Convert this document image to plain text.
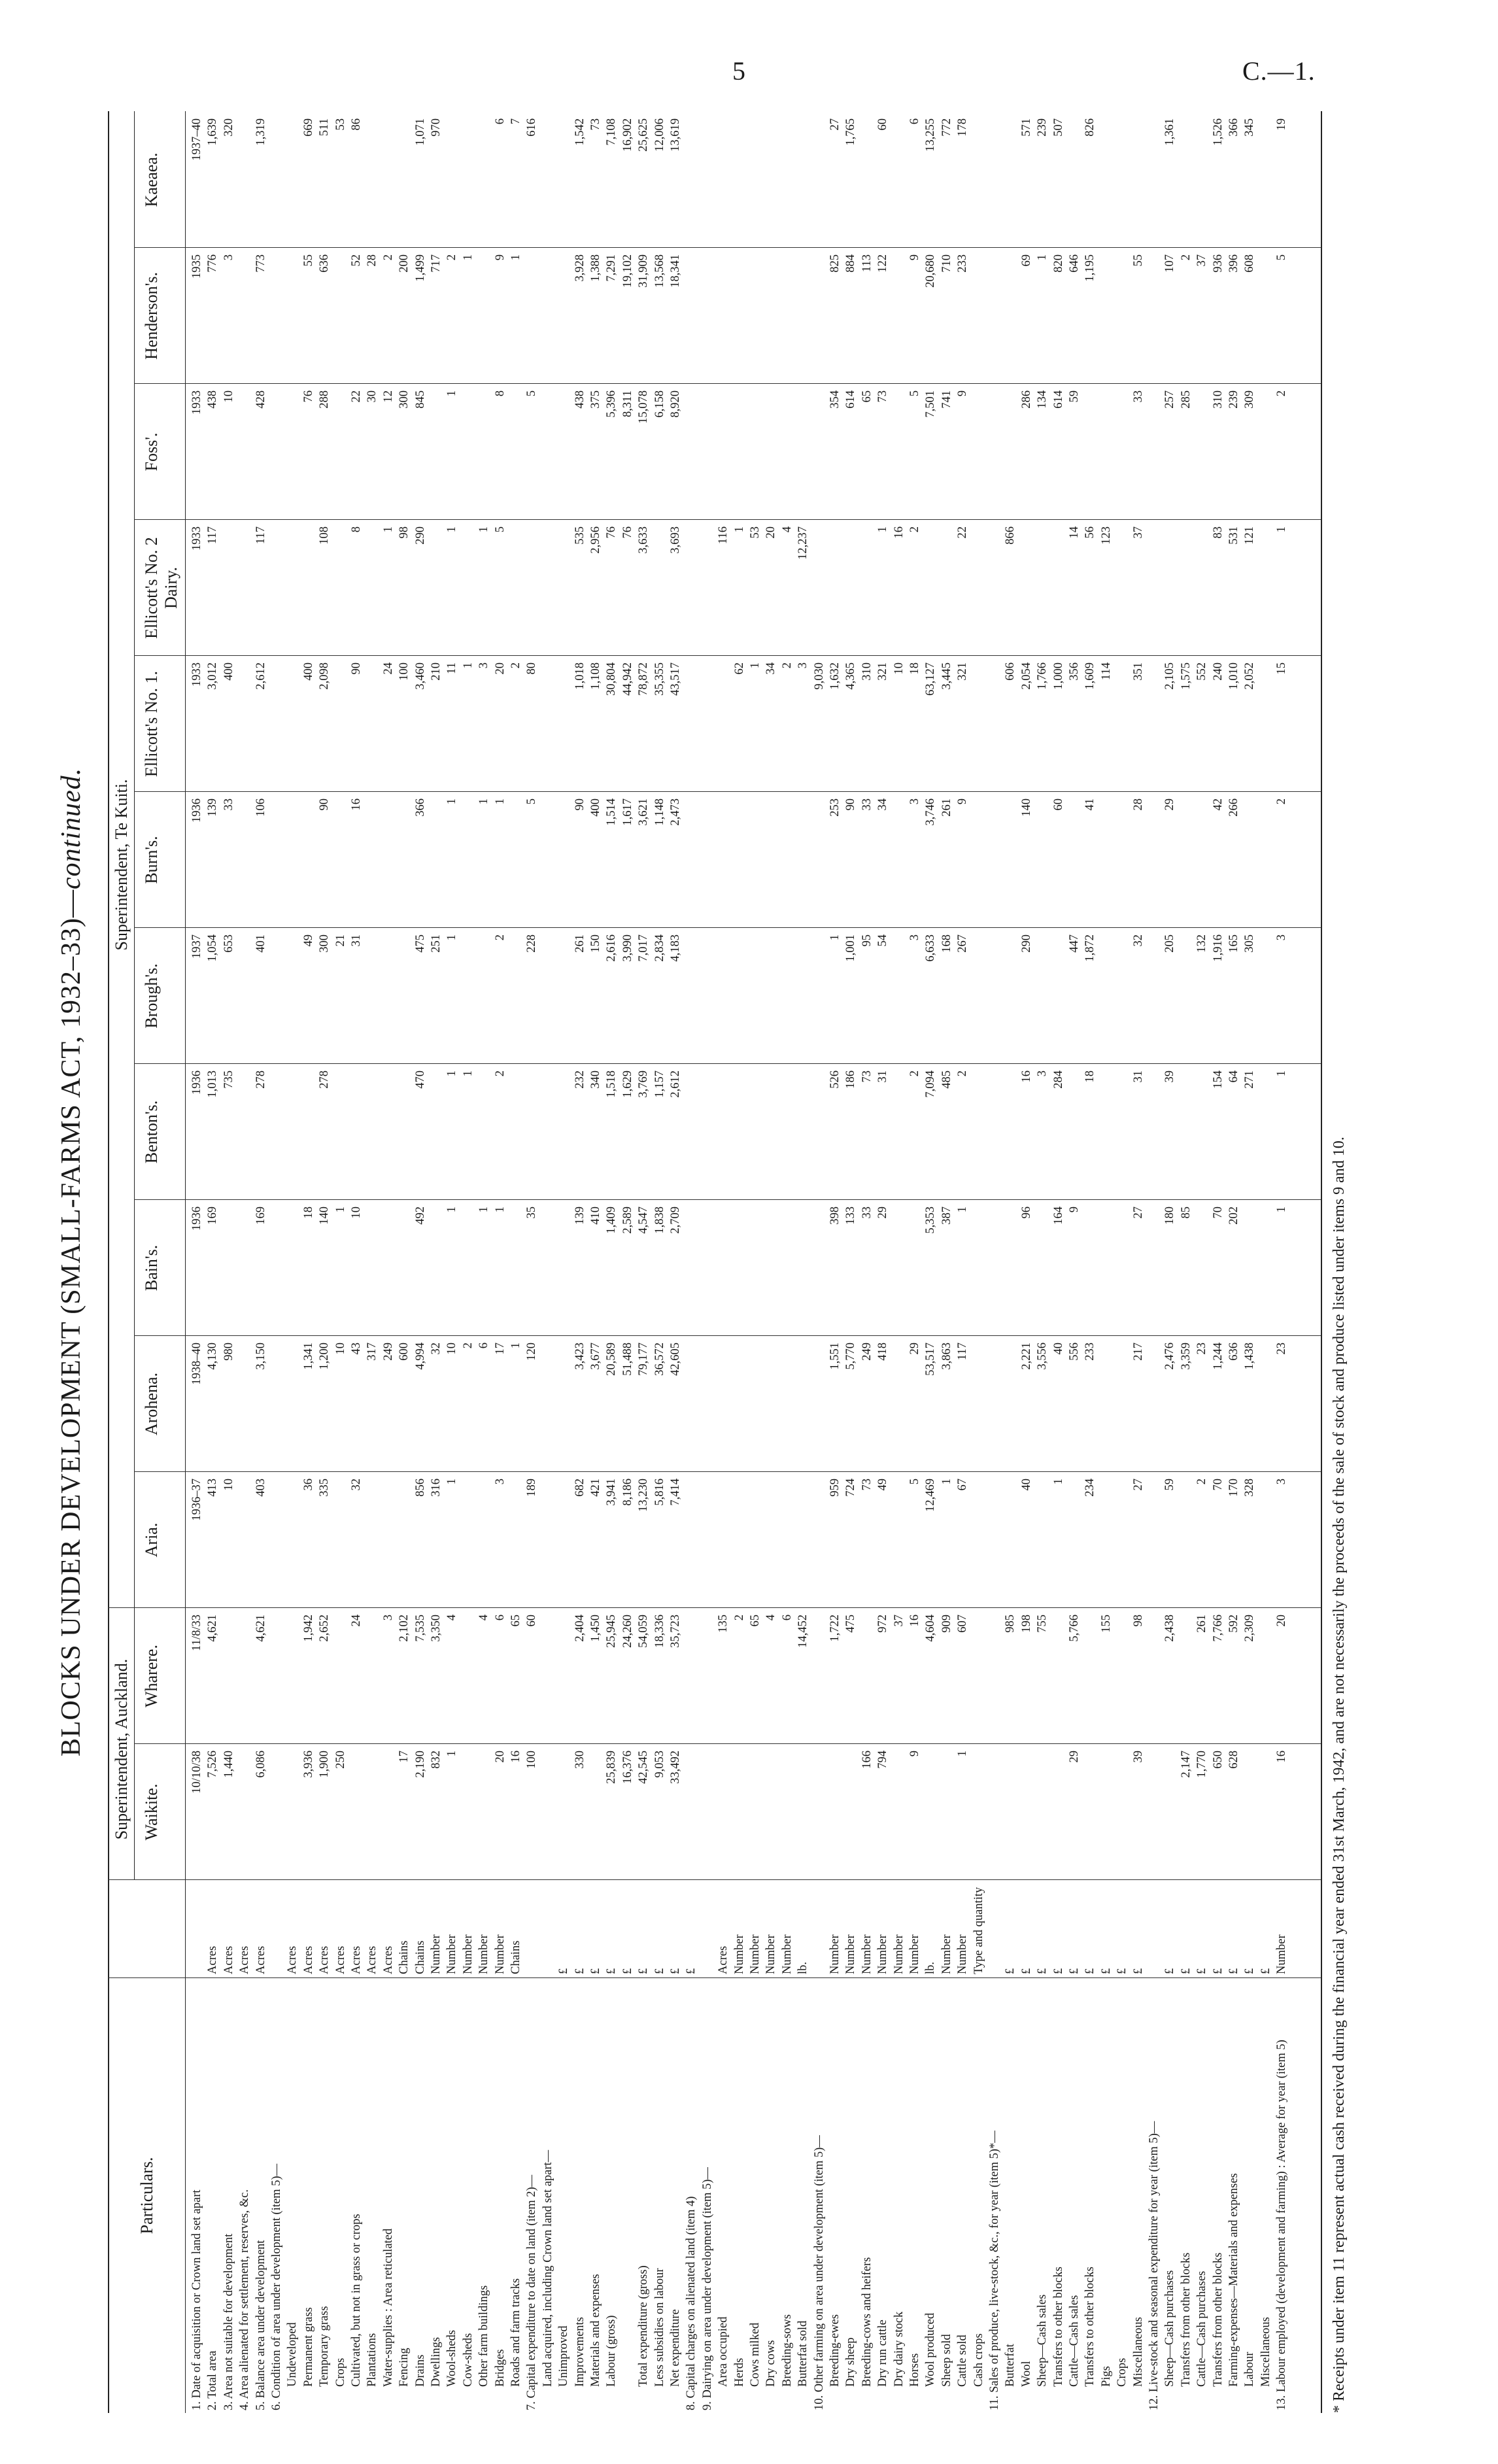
5	C.—1.
BLOCKS UNDER DEVELOPMENT (SMALL-FARMS ACT, 1932–33)—continued.
Particulars.
Superintendent, Auckland.
Superintendent, Te Kuiti.
Waikite.
Wharere.
Aria.
Arohena.
Bain's.
Benton's.
Brough's.
Burn's.
Ellicott's No. 1.
Ellicott's No. 2 Dairy.
Foss'.
Henderson's.
Kaeaea.
1. Date of acquisition or Crown land set apart
10/10/38
11/8/33
1936–37
1938–40
1936
1936
1937
1936
1933
1933
1933
1935
1937–40
2. Total area
Acres
7,526
4,621
413
4,130
169
1,013
1,054
139
3,012
117
438
776
1,639
3. Area not suitable for development
Acres
1,440
10
980
735
653
33
400
10
3
320
4. Area alienated for settlement, reserves, &c.
Acres
5. Balance area under development
Acres
6,086
4,621
403
3,150
169
278
401
106
2,612
117
428
773
1,319
6. Condition of area under development (item 5)— Undeveloped
Acres
Permanent grass
Acres
3,936
1,942
36
1,341
18
49
400
76
55
669
Temporary grass
Acres
1,900
2,652
335
1,200
140
278
300
90
2,098
108
288
636
511
Crops
Acres
250
10
1
21
53
Cultivated, but not in grass or crops
Acres
24
32
43
10
31
16
90
8
22
52
86
Plantations
Acres
317
30
28
Water-supplies : Area reticulated
Acres
3
249
24
1
12
2
Fencing
Chains
17
2,102
600
100
98
300
200
Drains
Chains
2,190
7,535
856
4,994
492
470
475
366
3,460
290
845
1,499
1,071
Dwellings
Number
832
3,350
316
32
251
210
717
970
Wool-sheds
Number
1
4
1
10
1
1
1
1
11
1
1
2
Cow-sheds
Number
2
1
1
1
Other farm buildings
Number
4
6
1
1
3
1
Bridges
Number
20
6
3
17
1
2
2
1
20
5
8
9
6
Roads and farm tracks
Chains
16
65
1
2
1
7
7. Capital expenditure to date on land (item 2)—
100
60
189
120
35
228
5
80
5
616
Land acquired, including Crown land set apart— Unimproved
£
Improvements
£
330
2,404
682
3,423
139
232
261
90
1,018
535
438
3,928
1,542
Materials and expenses
£
1,450
421
3,677
410
340
150
400
1,108
2,956
375
1,388
73
Labour (gross)
£
25,839
25,945
3,941
20,589
1,409
1,518
2,616
1,514
30,804
76
5,396
7,291
7,108
£
16,376
24,260
8,186
51,488
2,589
1,629
3,990
1,617
44,942
76
8,311
19,102
16,902
Total expenditure (gross)
£
42,545
54,059
13,230
79,177
4,547
3,769
7,017
3,621
78,872
3,633
15,078
31,909
25,625
Less subsidies on labour
£
9,053
18,336
5,816
36,572
1,838
1,157
2,834
1,148
35,355
6,158
13,568
12,006
Net expenditure
£
33,492
35,723
7,414
42,605
2,709
2,612
4,183
2,473
43,517
3,693
8,920
18,341
13,619
8. Capital charges on alienated land (item 4)
£
9. Dairying on area under development (item 5)— Area occupied
Acres
135
116
Herds
Number
2
62
1
Cows milked
Number
65
1
53
Dry cows
Number
4
34
20
Breeding-sows
Number
6
2
4
Butterfat sold
lb.
14,452
3
12,237
10. Other farming on area under development (item 5)—
9,030
Breeding-ewes
Number
1,722
959
1,551
398
526
1
253
1,632
354
825
27
Dry sheep
Number
475
724
5,770
133
186
1,001
90
4,365
614
884
1,765
Breeding-cows and heifers
Number
166
73
249
33
73
95
33
310
65
113
Dry run cattle
Number
794
972
49
418
29
31
54
34
321
1
73
122
60
Dry dairy stock
Number
37
10
16
Horses
Number
9
16
5
29
2
3
3
18
2
5
9
6
Wool produced
lb.
4,604
12,469
53,517
5,353
7,094
6,633
3,746
63,127
7,501
20,680
13,255
Sheep sold
Number
909
1
3,863
387
485
168
261
3,445
741
710
772
Cattle sold
Number
1
607
67
117
1
2
267
9
321
22
9
233
178
Cash crops
Type and quantity
11. Sales of produce, live-stock, &c., for year (item 5)*— Butterfat
£
985
606
866
Wool
£
198
40
2,221
96
16
290
140
2,054
286
69
571
Sheep—Cash sales
£
755
3,556
3
1,766
134
1
239
Transfers to other blocks
£
1
40
164
284
60
1,000
614
820
507
Cattle—Cash sales
£
29
5,766
556
9
447
356
14
59
646
Transfers to other blocks
£
234
233
18
1,872
41
1,609
56
1,195
826
Pigs
£
155
114
123
Crops
£
Miscellaneous
£
39
98
27
217
27
31
32
28
351
37
33
55
12. Live-stock and seasonal expenditure for year (item 5)— Sheep—Cash purchases
£
2,438
59
2,476
180
39
205
29
2,105
257
107
1,361
Transfers from other blocks
£
2,147
3,359
85
1,575
285
2
Cattle—Cash purchases
£
1,770
261
2
23
132
552
37
Transfers from other blocks
£
650
7,766
70
1,244
70
154
1,916
42
240
83
310
936
1,526
Farming-expenses—Materials and expenses
£
628
592
170
636
202
64
165
266
1,010
531
239
396
366
Labour
£
2,309
328
1,438
271
305
2,052
121
309
608
345
Miscellaneous
£
13. Labour employed (development and farming) : Average for year (item 5)
Number
16
20
3
23
1
1
3
2
15
1
2
5
19
* Receipts under item 11 represent actual cash received during the financial year ended 31st March, 1942, and are not necessarily the proceeds of the sale of stock and produce listed under items 9 and 10.
